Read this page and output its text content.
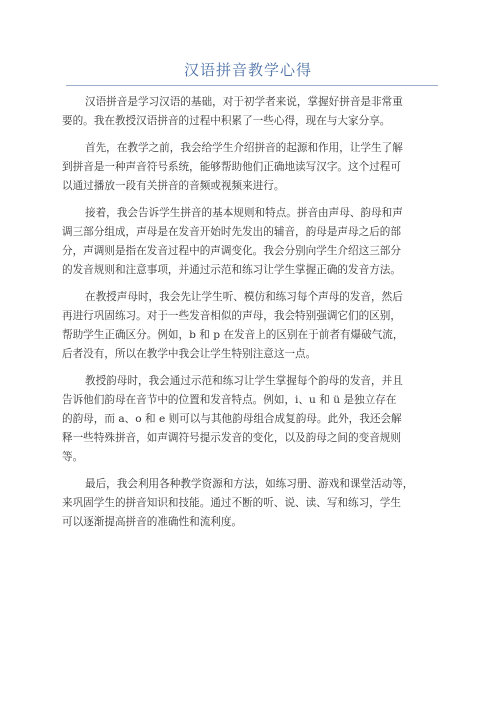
汉语拼音教学心得
汉语拼音是学习汉语的基础，对于初学者来说，掌握好拼音是非常重
要的。我在教授汉语拼音的过程中积累了一些心得，现在与大家分享。
首先，在教学之前，我会给学生介绍拼音的起源和作用，让学生了解
到拼音是一种声音符号系统，能够帮助他们正确地读写汉字。这个过程可
以通过播放一段有关拼音的音频或视频来进行。
接着，我会告诉学生拼音的基本规则和特点。拼音由声母、韵母和声
调三部分组成，声母是在发音开始时先发出的辅音，韵母是声母之后的部
分，声调则是指在发音过程中的声调变化。我会分别向学生介绍这三部分
的发音规则和注意事项，并通过示范和练习让学生掌握正确的发音方法。
在教授声母时，我会先让学生听、模仿和练习每个声母的发音，然后
再进行巩固练习。对于一些发音相似的声母，我会特别强调它们的区别，
帮助学生正确区分。例如，b 和 p 在发音上的区别在于前者有爆破气流，
后者没有，所以在教学中我会让学生特别注意这一点。
教授韵母时，我会通过示范和练习让学生掌握每个韵母的发音，并且
告诉他们韵母在音节中的位置和发音特点。例如，i、u 和 ü 是独立存在
的韵母，而 a、o 和 e 则可以与其他韵母组合成复韵母。此外，我还会解
释一些特殊拼音，如声调符号提示发音的变化，以及韵母之间的变音规则
等。
最后，我会利用各种教学资源和方法，如练习册、游戏和课堂活动等，
来巩固学生的拼音知识和技能。通过不断的听、说、读、写和练习，学生
可以逐渐提高拼音的准确性和流利度。
